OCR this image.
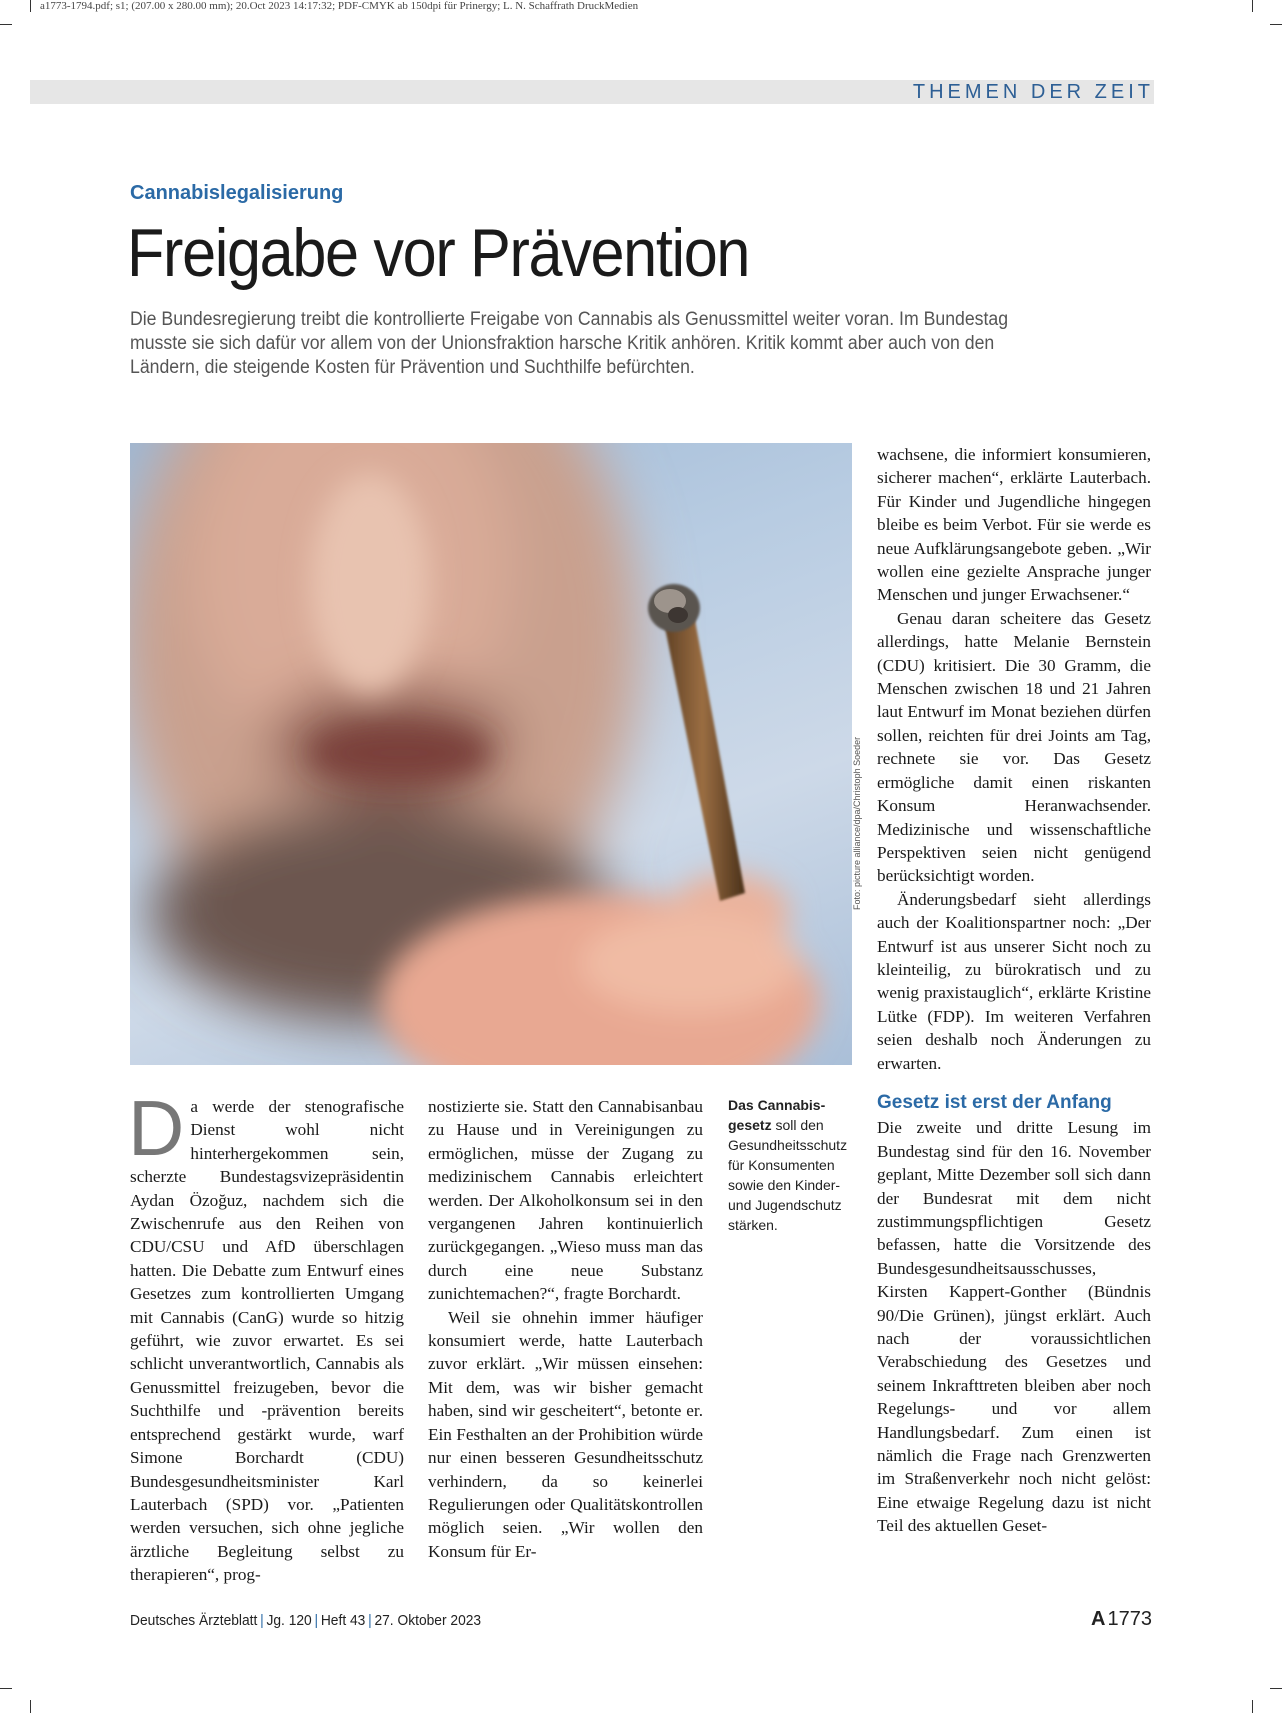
a1773-1794.pdf; s1; (207.00 x 280.00 mm); 20.Oct 2023 14:17:32; PDF-CMYK ab 150dpi für Prinergy; L. N. Schaffrath DruckMedien
THEMEN DER ZEIT
Cannabislegalisierung
Freigabe vor Prävention

Die Bundesregierung treibt die kontrollierte Freigabe von Cannabis als Genussmittel weiter voran. Im Bundestag musste sie sich dafür vor allem von der Unionsfraktion harsche Kritik anhören. Kritik kommt aber auch von den Ländern, die steigende Kosten für Prävention und Suchthilfe befürchten.

Foto: picture alliance/dpa/Christoph Soeder

Da werde der stenografische Dienst wohl nicht hinterhergekommen sein, scherzte Bundestagsvizepräsidentin Aydan Özoğuz, nachdem sich die Zwischenrufe aus den Reihen von CDU/CSU und AfD überschlagen hatten. Die Debatte zum Entwurf eines Gesetzes zum kontrollierten Umgang mit Cannabis (CanG) wurde so hitzig geführt, wie zuvor erwartet. Es sei schlicht unverantwortlich, Cannabis als Genussmittel freizugeben, bevor die Suchthilfe und -prävention bereits entsprechend gestärkt wurde, warf Simone Borchardt (CDU) Bundesgesundheitsminister Karl Lauterbach (SPD) vor. „Patienten werden versuchen, sich ohne jegliche ärztliche Begleitung selbst zu therapieren“, prog-

nostizierte sie. Statt den Cannabisanbau zu Hause und in Vereinigungen zu ermöglichen, müsse der Zugang zu medizinischem Cannabis erleichtert werden. Der Alkoholkonsum sei in den vergangenen Jahren kontinuierlich zurückgegangen. „Wieso muss man das durch eine neue Substanz zunichtemachen?“, fragte Borchardt.

Weil sie ohnehin immer häufiger konsumiert werde, hatte Lauterbach zuvor erklärt. „Wir müssen einsehen: Mit dem, was wir bisher gemacht haben, sind wir gescheitert“, betonte er. Ein Festhalten an der Prohibition würde nur einen besseren Gesundheitsschutz verhindern, da so keinerlei Regulierungen oder Qualitätskontrollen möglich seien. „Wir wollen den Konsum für Er-

Das Cannabisgesetz soll den Gesundheitsschutz für Konsumenten sowie den Kinder- und Jugendschutz stärken.

wachsene, die informiert konsumieren, sicherer machen“, erklärte Lauterbach. Für Kinder und Jugendliche hingegen bleibe es beim Verbot. Für sie werde es neue Aufklärungsangebote geben. „Wir wollen eine gezielte Ansprache junger Menschen und junger Erwachsener.“

Genau daran scheitere das Gesetz allerdings, hatte Melanie Bernstein (CDU) kritisiert. Die 30 Gramm, die Menschen zwischen 18 und 21 Jahren laut Entwurf im Monat beziehen dürfen sollen, reichten für drei Joints am Tag, rechnete sie vor. Das Gesetz ermögliche damit einen riskanten Konsum Heranwachsender. Medizinische und wissenschaftliche Perspektiven seien nicht genügend berücksichtigt worden.

Änderungsbedarf sieht allerdings auch der Koalitionspartner noch: „Der Entwurf ist aus unserer Sicht noch zu kleinteilig, zu bürokratisch und zu wenig praxistauglich“, erklärte Kristine Lütke (FDP). Im weiteren Verfahren seien deshalb noch Änderungen zu erwarten.

Gesetz ist erst der Anfang

Die zweite und dritte Lesung im Bundestag sind für den 16. November geplant, Mitte Dezember soll sich dann der Bundesrat mit dem nicht zustimmungspflichtigen Gesetz befassen, hatte die Vorsitzende des Bundesgesundheitsausschusses, Kirsten Kappert-Gonther (Bündnis 90/Die Grünen), jüngst erklärt. Auch nach der voraussichtlichen Verabschiedung des Gesetzes und seinem Inkrafttreten bleiben aber noch Regelungs- und vor allem Handlungsbedarf. Zum einen ist nämlich die Frage nach Grenzwerten im Straßenverkehr noch nicht gelöst: Eine etwaige Regelung dazu ist nicht Teil des aktuellen Geset-

Deutsches Ärzteblatt | Jg. 120 | Heft 43 | 27. Oktober 2023	A 1773
